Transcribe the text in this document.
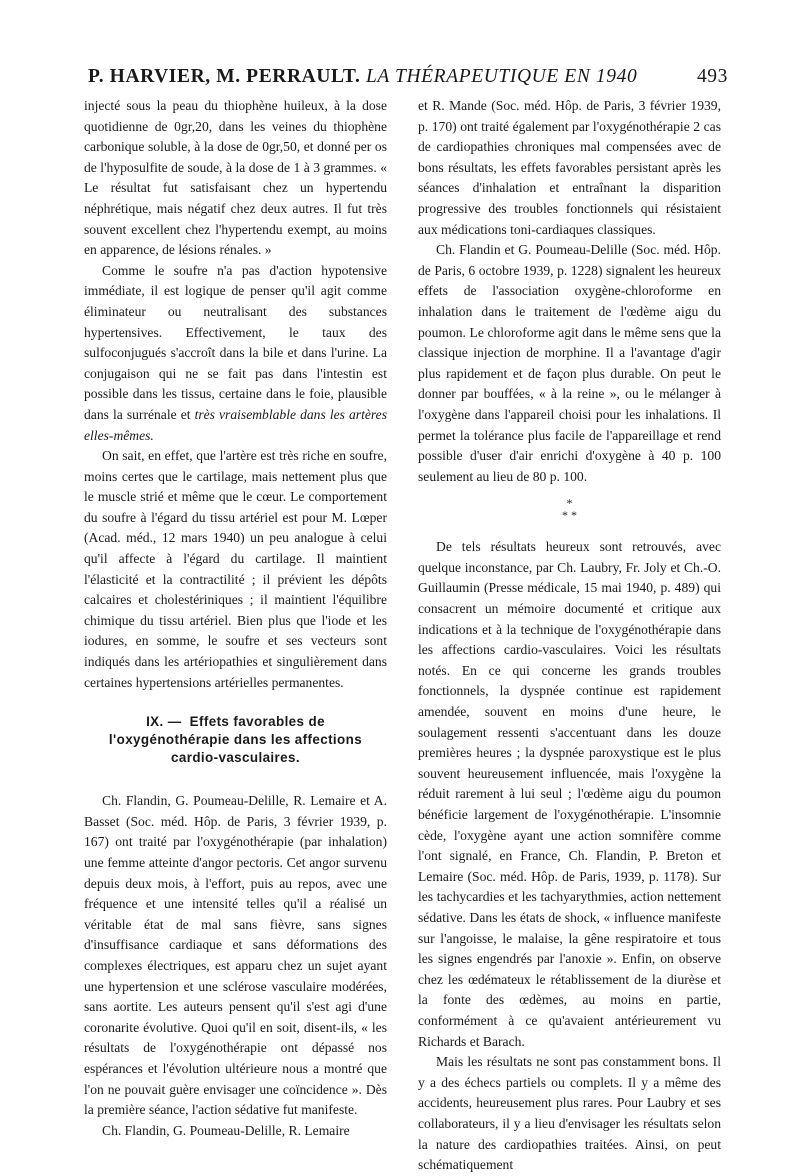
P. HARVIER, M. PERRAULT. LA THÉRAPEUTIQUE EN 1940	493

injecté sous la peau du thiophène huileux, à la dose quotidienne de 0gr,20, dans les veines du thiophène carbonique soluble, à la dose de 0gr,50, et donné per os de l'hyposulfite de soude, à la dose de 1 à 3 grammes. « Le résultat fut satisfaisant chez un hypertendu néphrétique, mais négatif chez deux autres. Il fut très souvent excellent chez l'hypertendu exempt, au moins en apparence, de lésions rénales. »

Comme le soufre n'a pas d'action hypotensive immédiate, il est logique de penser qu'il agit comme éliminateur ou neutralisant des substances hypertensives. Effectivement, le taux des sulfoconjugués s'accroît dans la bile et dans l'urine. La conjugaison qui ne se fait pas dans l'intestin est possible dans les tissus, certaine dans le foie, plausible dans la surrénale et très vraisemblable dans les artères elles-mêmes.

On sait, en effet, que l'artère est très riche en soufre, moins certes que le cartilage, mais nettement plus que le muscle strié et même que le cœur. Le comportement du soufre à l'égard du tissu artériel est pour M. Lœper (Acad. méd., 12 mars 1940) un peu analogue à celui qu'il affecte à l'égard du cartilage. Il maintient l'élasticité et la contractilité ; il prévient les dépôts calcaires et cholestériniques ; il maintient l'équilibre chimique du tissu artériel. Bien plus que l'iode et les iodures, en somme, le soufre et ses vecteurs sont indiqués dans les artériopathies et singulièrement dans certaines hypertensions artérielles permanentes.

IX. — Effets favorables de l'oxygénothérapie dans les affections cardio-vasculaires.

Ch. Flandin, G. Poumeau-Delille, R. Lemaire et A. Basset (Soc. méd. Hôp. de Paris, 3 février 1939, p. 167) ont traité par l'oxygénothérapie (par inhalation) une femme atteinte d'angor pectoris. Cet angor survenu depuis deux mois, à l'effort, puis au repos, avec une fréquence et une intensité telles qu'il a réalisé un véritable état de mal sans fièvre, sans signes d'insuffisance cardiaque et sans déformations des complexes électriques, est apparu chez un sujet ayant une hypertension et une sclérose vasculaire modérées, sans aortite. Les auteurs pensent qu'il s'est agi d'une coronarite évolutive. Quoi qu'il en soit, disent-ils, « les résultats de l'oxygénothérapie ont dépassé nos espérances et l'évolution ultérieure nous a montré que l'on ne pouvait guère envisager une coïncidence ». Dès la première séance, l'action sédative fut manifeste.

Ch. Flandin, G. Poumeau-Delille, R. Lemaire

et R. Mande (Soc. méd. Hôp. de Paris, 3 février 1939, p. 170) ont traité également par l'oxygénothérapie 2 cas de cardiopathies chroniques mal compensées avec de bons résultats, les effets favorables persistant après les séances d'inhalation et entraînant la disparition progressive des troubles fonctionnels qui résistaient aux médications toni-cardiaques classiques.

Ch. Flandin et G. Poumeau-Delille (Soc. méd. Hôp. de Paris, 6 octobre 1939, p. 1228) signalent les heureux effets de l'association oxygène-chloroforme en inhalation dans le traitement de l'œdème aigu du poumon. Le chloroforme agit dans le même sens que la classique injection de morphine. Il a l'avantage d'agir plus rapidement et de façon plus durable. On peut le donner par bouffées, « à la reine », ou le mélanger à l'oxygène dans l'appareil choisi pour les inhalations. Il permet la tolérance plus facile de l'appareillage et rend possible d'user d'air enrichi d'oxygène à 40 p. 100 seulement au lieu de 80 p. 100.

*
* *

De tels résultats heureux sont retrouvés, avec quelque inconstance, par Ch. Laubry, Fr. Joly et Ch.-O. Guillaumin (Presse médicale, 15 mai 1940, p. 489) qui consacrent un mémoire documenté et critique aux indications et à la technique de l'oxygénothérapie dans les affections cardio-vasculaires. Voici les résultats notés. En ce qui concerne les grands troubles fonctionnels, la dyspnée continue est rapidement amendée, souvent en moins d'une heure, le soulagement ressenti s'accentuant dans les douze premières heures ; la dyspnée paroxystique est le plus souvent heureusement influencée, mais l'oxygène la réduit rarement à lui seul ; l'œdème aigu du poumon bénéficie largement de l'oxygénothérapie. L'insomnie cède, l'oxygène ayant une action somnifère comme l'ont signalé, en France, Ch. Flandin, P. Breton et Lemaire (Soc. méd. Hôp. de Paris, 1939, p. 1178). Sur les tachycardies et les tachyarythmies, action nettement sédative. Dans les états de shock, « influence manifeste sur l'angoisse, le malaise, la gêne respiratoire et tous les signes engendrés par l'anoxie ». Enfin, on observe chez les œdémateux le rétablissement de la diurèse et la fonte des œdèmes, au moins en partie, conformément à ce qu'avaient antérieurement vu Richards et Barach.

Mais les résultats ne sont pas constamment bons. Il y a des échecs partiels ou complets. Il y a même des accidents, heureusement plus rares. Pour Laubry et ses collaborateurs, il y a lieu d'envisager les résultats selon la nature des cardiopathies traitées. Ainsi, on peut schématiquement
